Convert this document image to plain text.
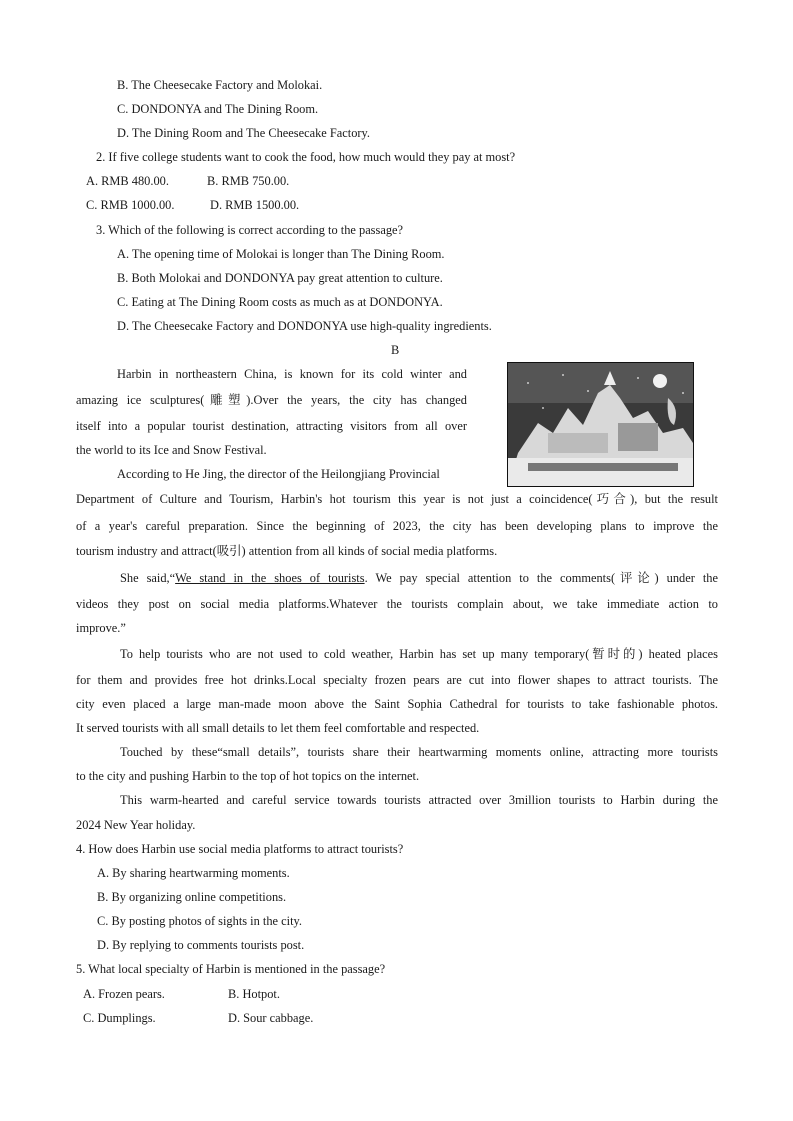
B. The Cheesecake Factory and Molokai.
C. DONDONYA and The Dining Room.
D. The Dining Room and The Cheesecake Factory.
2. If five college students want to cook the food, how much would they pay at most?
A. RMB 480.00.	B. RMB 750.00.
C. RMB 1000.00.	D. RMB 1500.00.
3. Which of the following is correct according to the passage?
A. The opening time of Molokai is longer than The Dining Room.
B. Both Molokai and DONDONYA pay great attention to culture.
C. Eating at The Dining Room costs as much as at DONDONYA.
D. The Cheesecake Factory and DONDONYA use high-quality ingredients.
B
Harbin in northeastern China, is known for its cold winter and
amazing ice sculptures(雕塑).Over the years, the city has changed
itself into a popular tourist destination, attracting visitors from all over
the world to its Ice and Snow Festival.
According to He Jing, the director of the Heilongjiang Provincial
Department of Culture and Tourism, Harbin's hot tourism this year is not just a coincidence(巧合), but the result
of a year's careful preparation. Since the beginning of 2023, the city has been developing plans to improve the
tourism industry and attract(吸引) attention from all kinds of social media platforms.
She said,“We stand in the shoes of tourists. We pay special attention to the comments(评论) under the
videos they post on social media platforms.Whatever the tourists complain about, we take immediate action to
improve.”
To help tourists who are not used to cold weather, Harbin has set up many temporary(暂时的) heated places
for them and provides free hot drinks.Local specialty frozen pears are cut into flower shapes to attract tourists. The
city even placed a large man-made moon above the Saint Sophia Cathedral for tourists to take fashionable photos.
It served tourists with all small details to let them feel comfortable and respected.
Touched by these“small details”, tourists share their heartwarming moments online, attracting more tourists
to the city and pushing Harbin to the top of hot topics on the internet.
This warm-hearted and careful service towards tourists attracted over 3million tourists to Harbin during the
2024 New Year holiday.
4. How does Harbin use social media platforms to attract tourists?
A. By sharing heartwarming moments.
B. By organizing online competitions.
C. By posting photos of sights in the city.
D. By replying to comments tourists post.
5. What local specialty of Harbin is mentioned in the passage?
A. Frozen pears.	B. Hotpot.
C. Dumplings.	D. Sour cabbage.
